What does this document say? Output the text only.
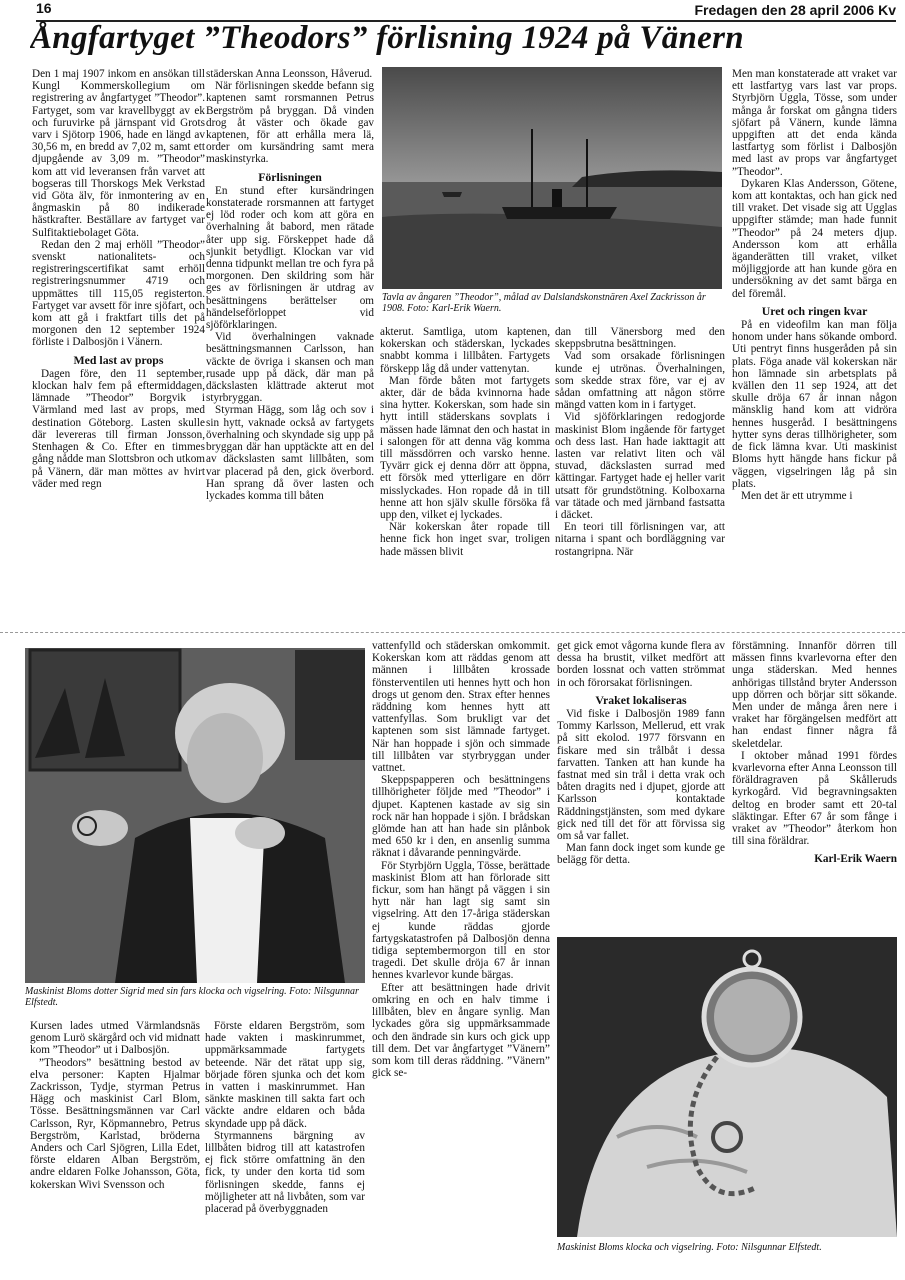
16	Fredagen den 28 april 2006 Kv
Ångfartyget ”Theodors” förlisning 1924 på Vänern

Den 1 maj 1907 inkom en ansökan till Kungl Kommerskollegium om registrering av ångfartyget ”Theodor”. Fartyget, som var kravellbyggt av ek och furuvirke på järnspant vid Grots varv i Sjötorp 1906, hade en längd av 30,56 m, en bredd av 7,02 m, samt ett djupgående av 3,09 m. ”Theodor” kom att vid leveransen från varvet att bogseras till Thorskogs Mek Verkstad vid Göta älv, för inmontering av en ångmaskin på 80 indikerade hästkrafter. Beställare av fartyget var Sulfitaktiebolaget Göta.

Redan den 2 maj erhöll ”Theodor” svenskt nationalitets- och registreringscertifikat samt erhöll registreringsnummer 4719 och uppmättes till 115,05 registerton. Fartyget var avsett för inre sjöfart, och kom att gå i fraktfart tills det på morgonen den 12 september 1924 förliste i Dalbosjön i Vänern.

Med last av props

Dagen före, den 11 september, klockan halv fem på eftermiddagen, lämnade ”Theodor” Borgvik i Värmland med last av props, med destination Göteborg. Lasten skulle där levereras till firman Jonsson, Stenhagen & Co. Efter en timmes gång nådde man Slottsbron och utkom på Vänern, där man möttes av hvirt väder med regn

städerskan Anna Leonsson, Håverud.

När förlisningen skedde befann sig kaptenen samt rorsmannen Petrus Bergström på bryggan. Då vinden drog åt väster och ökade gav kaptenen, för att erhålla mera lä, order om kursändring samt mera maskinstyrka.

Förlisningen

En stund efter kursändringen konstaterade rorsmannen att fartyget ej löd roder och kom att göra en överhalning åt babord, men rätade åter upp sig. Förskeppet hade då sjunkit betydligt. Klockan var vid denna tidpunkt mellan tre och fyra på morgonen. Den skildring som här ges av förlisningen är utdrag av besättningens berättelser om händelseförloppet vid sjöförklaringen.

Vid överhalningen vaknade besättningsmannen Carlsson, han väckte de övriga i skansen och man rusade upp på däck, där man på däckslasten klättrade akterut mot styrbryggan.

Styrman Hägg, som låg och sov i sin hytt, vaknade också av fartygets överhalning och skyndade sig upp på bryggan där han upptäckte att en del av däckslasten samt lillbåten, som var placerad på den, gick överbord. Han sprang då över lasten och lyckades komma till båten

Tavla av ångaren ”Theodor”, målad av Dalslandskonstnären Axel Zackrisson år 1908. Foto: Karl-Erik Waern.

akterut. Samtliga, utom kaptenen, kokerskan och städerskan, lyckades snabbt komma i lillbåten. Fartygets förskepp låg då under vattenytan.

Man förde båten mot fartygets akter, där de båda kvinnorna hade sina hytter. Kokerskan, som hade sin hytt intill städerskans sovplats i mässen hade lämnat den och hastat in i salongen för att denna väg komma till mässdörren och varsko henne. Tyvärr gick ej denna dörr att öppna, ett försök med ytterligare en dörr misslyckades. Hon ropade då in till henne att hon själv skulle försöka få upp den, vilket ej lyckades.

När kokerskan åter ropade till henne fick hon inget svar, troligen hade mässen blivit

dan till Vänersborg med den skeppsbrutna besättningen.

Vad som orsakade förlisningen kunde ej utrönas. Överhalningen, som skedde strax före, var ej av sådan omfattning att någon större mängd vatten kom in i fartyget.

Vid sjöförklaringen redogjorde maskinist Blom ingående för fartyget och dess last. Han hade iakttagit att lasten var relativt liten och väl stuvad, däckslasten surrad med kättingar. Fartyget hade ej heller varit utsatt för grundstötning. Kolboxarna var tätade och med järnband fastsatta i däcket.

En teori till förlisningen var, att nitarna i spant och bordläggning var rostangripna. När

Men man konstaterade att vraket var ett lastfartyg vars last var props. Styrbjörn Uggla, Tösse, som under många år forskat om gångna tiders sjöfart på Vänern, kunde lämna uppgiften att det enda kända lastfartyg som förlist i Dalbosjön med last av props var ångfartyget ”Theodor”.

Dykaren Klas Andersson, Götene, kom att kontaktas, och han gick ned till vraket. Det visade sig att Ugglas uppgifter stämde; man hade funnit ”Theodor” på 24 meters djup. Andersson kom att erhålla äganderätten till vraket, vilket möjliggjorde att han kunde göra en undersökning av det samt bärga en del föremål.

Uret och ringen kvar

På en videofilm kan man följa honom under hans sökande ombord. Uti pentryt finns husgeråden på sin plats. Föga anade väl kokerskan när hon lämnade sin arbetsplats på kvällen den 11 sep 1924, att det skulle dröja 67 år innan någon mänsklig hand kom att vidröra hennes husgeråd. I besättningens hytter syns deras tillhörigheter, som de fick lämna kvar. Uti maskinist Bloms hytt hängde hans fickur på väggen, vigselringen låg på sin plats.

Men det är ett utrymme i

Maskinist Bloms dotter Sigrid med sin fars klocka och vigselring. Foto: Nilsgunnar Elfstedt.

Kursen lades utmed Värmlandsnäs genom Lurö skärgård och vid midnatt kom ”Theodor” ut i Dalbosjön.

”Theodors” besättning bestod av elva personer: Kapten Hjalmar Zackrisson, Tydje, styrman Petrus Hägg och maskinist Carl Blom, Tösse. Besättningsmännen var Carl Carlsson, Ryr, Köpmannebro, Petrus Bergström, Karlstad, bröderna Anders och Carl Sjögren, Lilla Edet, förste eldaren Alban Bergström, andre eldaren Folke Johansson, Göta, kokerskan Wivi Svensson och

Förste eldaren Bergström, som hade vakten i maskinrummet, uppmärksammade fartygets beteende. När det rätat upp sig, började fören sjunka och det kom in vatten i maskinrummet. Han sänkte maskinen till sakta fart och väckte andre eldaren och båda skyndade upp på däck.

Styrmannens bärgning av lillbåten bidrog till att katastrofen ej fick större omfattning än den fick, ty under den korta tid som förlisningen skedde, fanns ej möjligheter att nå livbåten, som var placerad på överbyggnaden

vattenfylld och städerskan omkommit. Kokerskan kom att räddas genom att männen i lillbåten krossade fönsterventilen uti hennes hytt och hon drogs ut genom den. Strax efter hennes räddning kom hennes hytt att vattenfyllas. Som brukligt var det kaptenen som sist lämnade fartyget. När han hoppade i sjön och simmade till lillbåten var styrbryggan under vattnet.

Skeppspapperen och besättningens tillhörigheter följde med ”Theodor” i djupet. Kaptenen kastade av sig sin rock när han hoppade i sjön. I brådskan glömde han att han hade sin plånbok med 650 kr i den, en ansenlig summa räknat i dåvarande penningvärde.

För Styrbjörn Uggla, Tösse, berättade maskinist Blom att han förlorade sitt fickur, som han hängt på väggen i sin hytt när han lagt sig samt sin vigselring. Att den 17-åriga städerskan ej kunde räddas gjorde fartygskatastrofen på Dalbosjön denna tidiga septembermorgon till en stor tragedi. Det skulle dröja 67 år innan hennes kvarlevor kunde bärgas.

Efter att besättningen hade drivit omkring en och en halv timme i lillbåten, blev en ångare synlig. Man lyckades göra sig uppmärksammade och den ändrade sin kurs och gick upp till dem. Det var ångfartyget ”Vänern” som kom till deras räddning. ”Vänern” gick se-

get gick emot vågorna kunde flera av dessa ha brustit, vilket medfört att borden lossnat och vatten strömmat in och förorsakat förlisningen.

Vraket lokaliseras

Vid fiske i Dalbosjön 1989 fann Tommy Karlsson, Mellerud, ett vrak på sitt ekolod. 1977 försvann en fiskare med sin trålbåt i dessa farvatten. Tanken att han kunde ha fastnat med sin trål i detta vrak och båten dragits ned i djupet, gjorde att Karlsson kontaktade Räddningstjänsten, som med dykare gick ned till det för att förvissa sig om så var fallet.

Man fann dock inget som kunde ge belägg för detta.

förstämning. Innanför dörren till mässen finns kvarlevorna efter den unga städerskan. Med hennes anhörigas tillstånd bryter Andersson upp dörren och börjar sitt sökande. Men under de många åren nere i vraket har förgängelsen medfört att han endast finner några få skeletdelar.

I oktober månad 1991 fördes kvarlevorna efter Anna Leonsson till föräldragraven på Skålleruds kyrkogård. Vid begravningsakten deltog en broder samt ett 20-tal släktingar. Efter 67 år som fånge i vraket av ”Theodor” återkom hon till sina föräldrar.

Karl-Erik Waern

Maskinist Bloms klocka och vigselring. Foto: Nilsgunnar Elfstedt.
